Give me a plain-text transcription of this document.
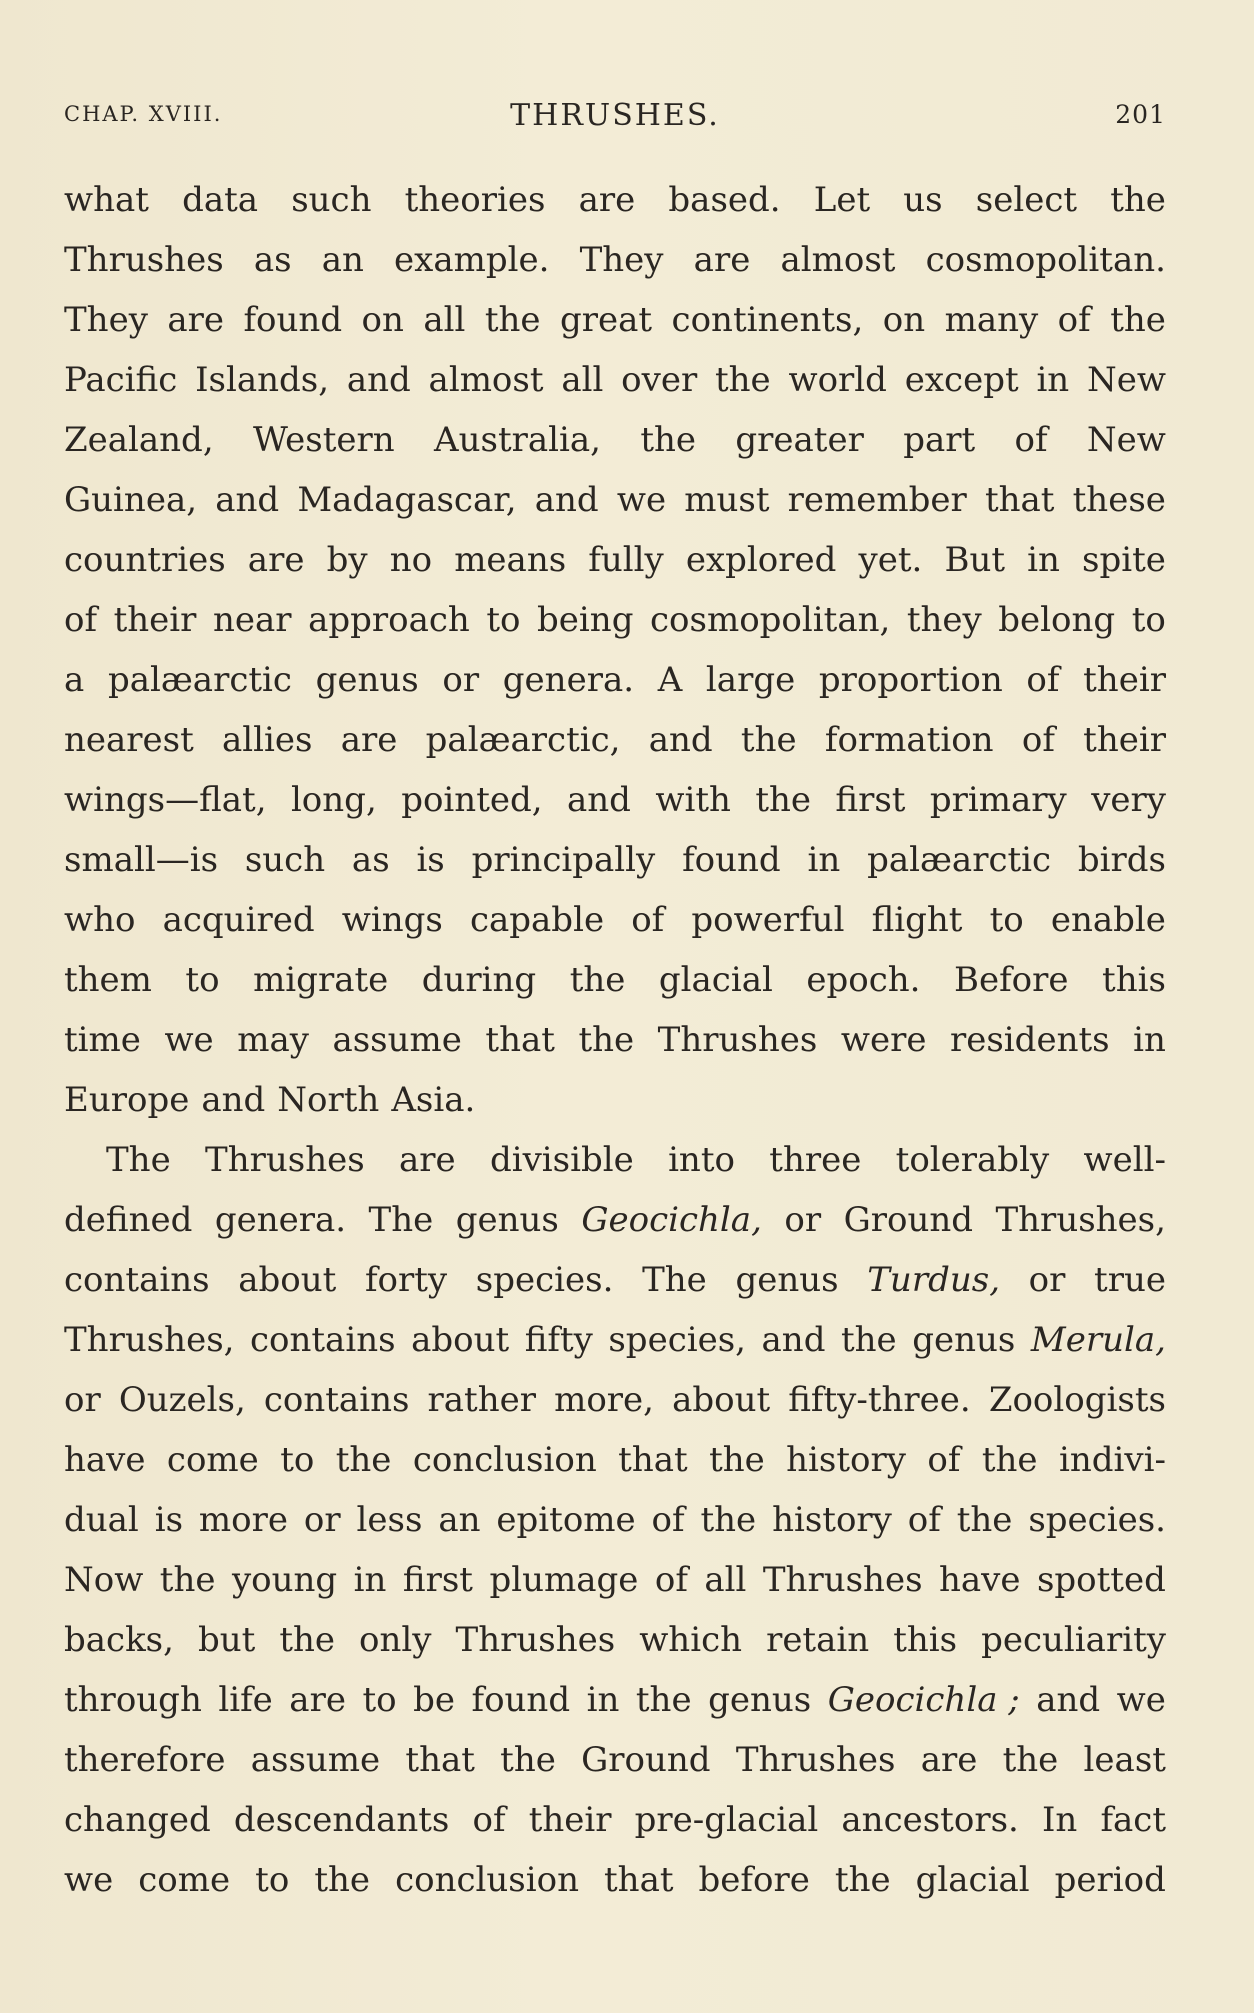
CHAP. XVIII.	THRUSHES.	201
what data such theories are based. Let us select the
Thrushes as an example. They are almost cosmopolitan.
They are found on all the great continents, on many of the
Pacific Islands, and almost all over the world except in New
Zealand, Western Australia, the greater part of New
Guinea, and Madagascar, and we must remember that these
countries are by no means fully explored yet. But in spite
of their near approach to being cosmopolitan, they belong to
a palæarctic genus or genera. A large proportion of their
nearest allies are palæarctic, and the formation of their
wings—flat, long, pointed, and with the first primary very
small—is such as is principally found in palæarctic birds
who acquired wings capable of powerful flight to enable
them to migrate during the glacial epoch. Before this
time we may assume that the Thrushes were residents in
Europe and North Asia.
The Thrushes are divisible into three tolerably well-
defined genera. The genus Geocichla, or Ground Thrushes,
contains about forty species. The genus Turdus, or true
Thrushes, contains about fifty species, and the genus Merula,
or Ouzels, contains rather more, about fifty-three. Zoologists
have come to the conclusion that the history of the indivi-
dual is more or less an epitome of the history of the species.
Now the young in first plumage of all Thrushes have spotted
backs, but the only Thrushes which retain this peculiarity
through life are to be found in the genus Geocichla ; and we
therefore assume that the Ground Thrushes are the least
changed descendants of their pre-glacial ancestors. In fact
we come to the conclusion that before the glacial period
